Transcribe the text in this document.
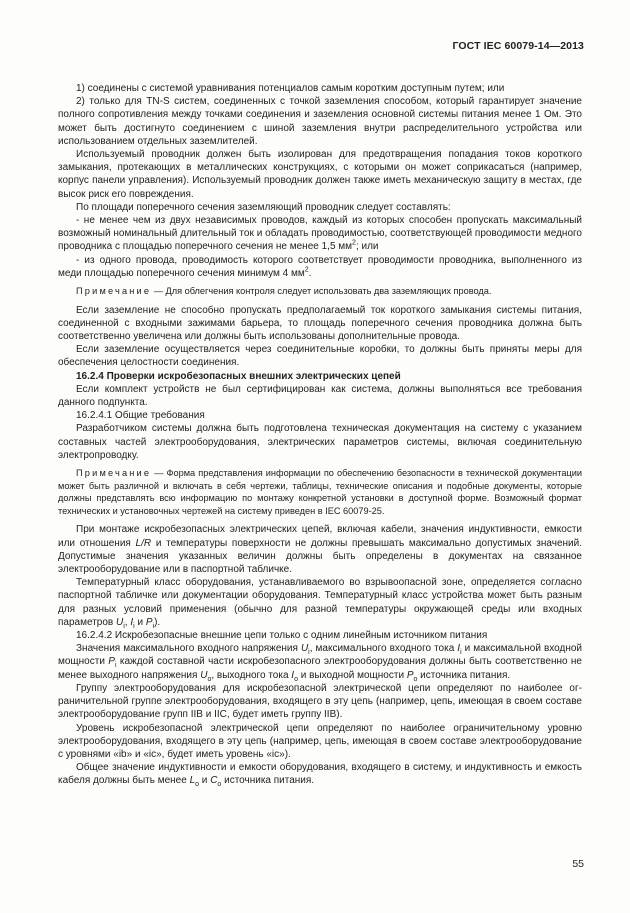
ГОСТ IEC 60079-14—2013

1) соединены с системой уравнивания потенциалов самым коротким доступным путем; или

2) только для TN-S систем, соединенных с точкой заземления способом, который гарантирует значение полного сопротивления между точками соединения и заземления основной системы питания менее 1 Ом. Это может быть достигнуто соединением с шиной заземления внутри распределительного устройства или использованием отдельных заземлителей.

Используемый проводник должен быть изолирован для предотвращения попадания токов короткого замыкания, протекающих в металлических конструкциях, с которыми он может соприкасаться (например, корпус панели управления). Используемый проводник должен также иметь механическую защиту в местах, где высок риск его повреждения.

По площади поперечного сечения заземляющий проводник следует составлять:

- не менее чем из двух независимых проводов, каждый из которых способен пропускать максимальный возможный номинальный длительный ток и обладать проводимостью, соответствующей проводимости медного проводника с площадью поперечного сечения не менее 1,5 $мм^2$; или

- из одного провода, проводимость которого соответствует проводимости проводника, выполненного из меди площадью поперечного сечения минимум 4 $мм^2$.

Примечание — Для облегчения контроля следует использовать два заземляющих провода.

Если заземление не способно пропускать предполагаемый ток короткого замыкания системы питания, соединенной с входными зажимами барьера, то площадь поперечного сечения проводника должна быть соответственно увеличена или должны быть использованы дополнительные провода.

Если заземление осуществляется через соединительные коробки, то должны быть приняты меры для обеспечения целостности соединения.

16.2.4 Проверки искробезопасных внешних электрических цепей

Если комплект устройств не был сертифицирован как система, должны выполняться все требования данного подпункта.

16.2.4.1 Общие требования

Разработчиком системы должна быть подготовлена техническая документация на систему с указанием составных частей электрооборудования, электрических параметров системы, включая соединительную электропроводку.

Примечание — Форма представления информации по обеспечению безопасности в технической документации может быть различной и включать в себя чертежи, таблицы, технические описания и подобные документы, которые должны представлять всю информацию по монтажу конкретной установки в доступной форме. Возможный формат технических и установочных чертежей на систему приведен в IEC 60079-25.

При монтаже искробезопасных электрических цепей, включая кабели, значения индуктивности, емкости или отношения L/R и температуры поверхности не должны превышать максимально допустимых значений. Допустимые значения указанных величин должны быть определены в документах на связанное электрооборудование или в паспортной табличке.

Температурный класс оборудования, устанавливаемого во взрывоопасной зоне, определяется согласно паспортной табличке или документации оборудования. Температурный класс устройства может быть разным для разных условий применения (обычно для разной температуры окружающей среды или входных параметров $U_i$, $I_i$ и $P_i$).

16.2.4.2 Искробезопасные внешние цепи только с одним линейным источником питания

Значения максимального входного напряжения $U_i$, максимального входного тока $I_i$ и максимальной входной мощности $P_i$ каждой составной части искробезопасного электрооборудования должны быть соответственно не менее выходного напряжения $U_o$, выходного тока $I_o$ и выходной мощности $P_o$ источника питания.

Группу электрооборудования для искробезопасной электрической цепи определяют по наиболее ограничительной группе электрооборудования, входящего в эту цепь (например, цепь, имеющая в своем составе электрооборудование групп IIB и IIC, будет иметь группу IIB).

Уровень искробезопасной электрической цепи определяют по наиболее ограничительному уровню электрооборудования, входящего в эту цепь (например, цепь, имеющая в своем составе электрооборудование с уровнями «ib» и «ic», будет иметь уровень «ic»).

Общее значение индуктивности и емкости оборудования, входящего в систему, и индуктивность и емкость кабеля должны быть менее $L_o$ и $C_o$ источника питания.

55
